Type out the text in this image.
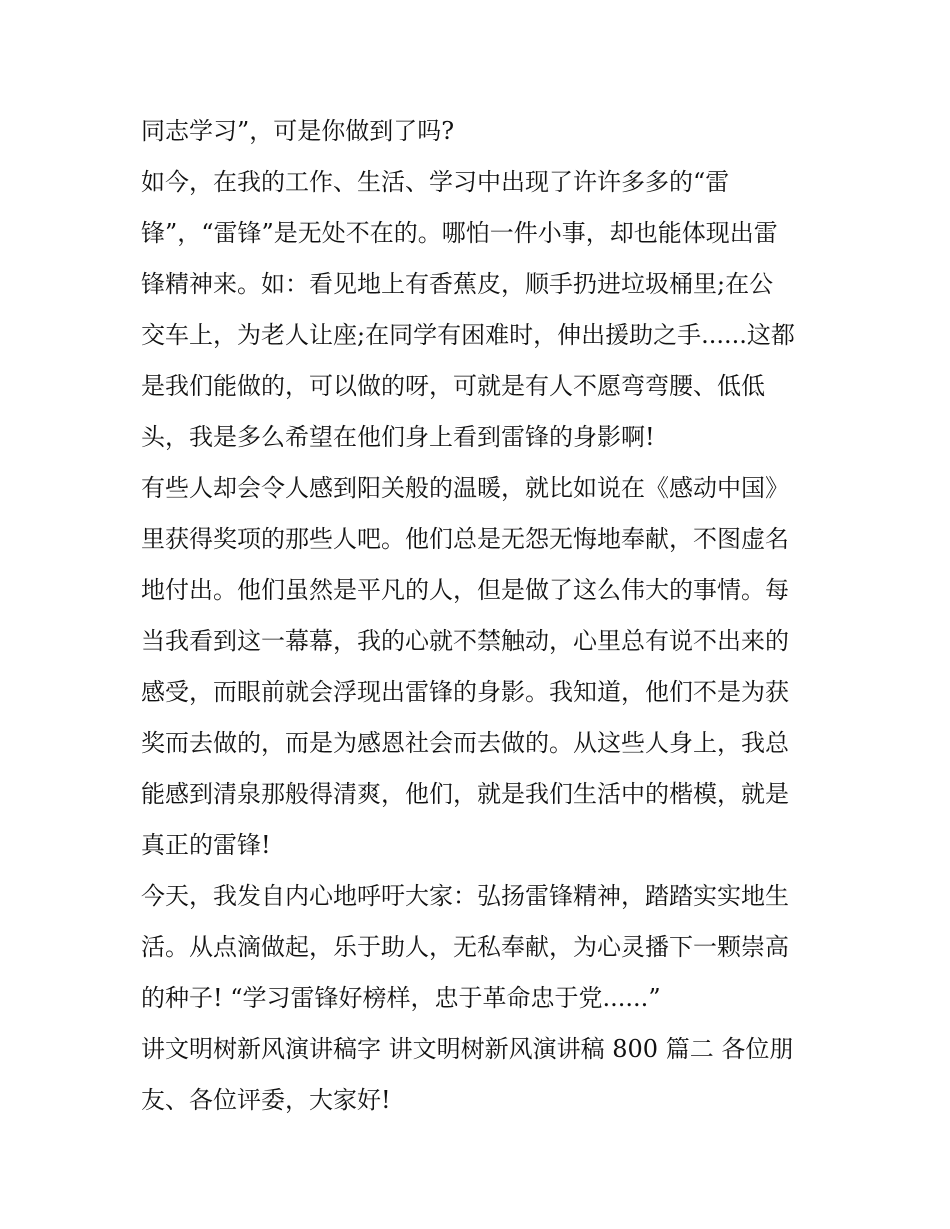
同志学习”，可是你做到了吗?
如今，在我的工作、生活、学习中出现了许许多多的“雷
锋”，“雷锋”是无处不在的。哪怕一件小事，却也能体现出雷
锋精神来。如：看见地上有香蕉皮，顺手扔进垃圾桶里;在公
交车上，为老人让座;在同学有困难时，伸出援助之手......这都
是我们能做的，可以做的呀，可就是有人不愿弯弯腰、低低
头，我是多么希望在他们身上看到雷锋的身影啊!
有些人却会令人感到阳关般的温暖，就比如说在《感动中国》
里获得奖项的那些人吧。他们总是无怨无悔地奉献，不图虚名
地付出。他们虽然是平凡的人，但是做了这么伟大的事情。每
当我看到这一幕幕，我的心就不禁触动，心里总有说不出来的
感受，而眼前就会浮现出雷锋的身影。我知道，他们不是为获
奖而去做的，而是为感恩社会而去做的。从这些人身上，我总
能感到清泉那般得清爽，他们，就是我们生活中的楷模，就是
真正的雷锋!
今天，我发自内心地呼吁大家：弘扬雷锋精神，踏踏实实地生
活。从点滴做起，乐于助人，无私奉献，为心灵播下一颗崇高
的种子! “学习雷锋好榜样，忠于革命忠于党......”
讲文明树新风演讲稿字 讲文明树新风演讲稿 800 篇二 各位朋
友、各位评委，大家好!
